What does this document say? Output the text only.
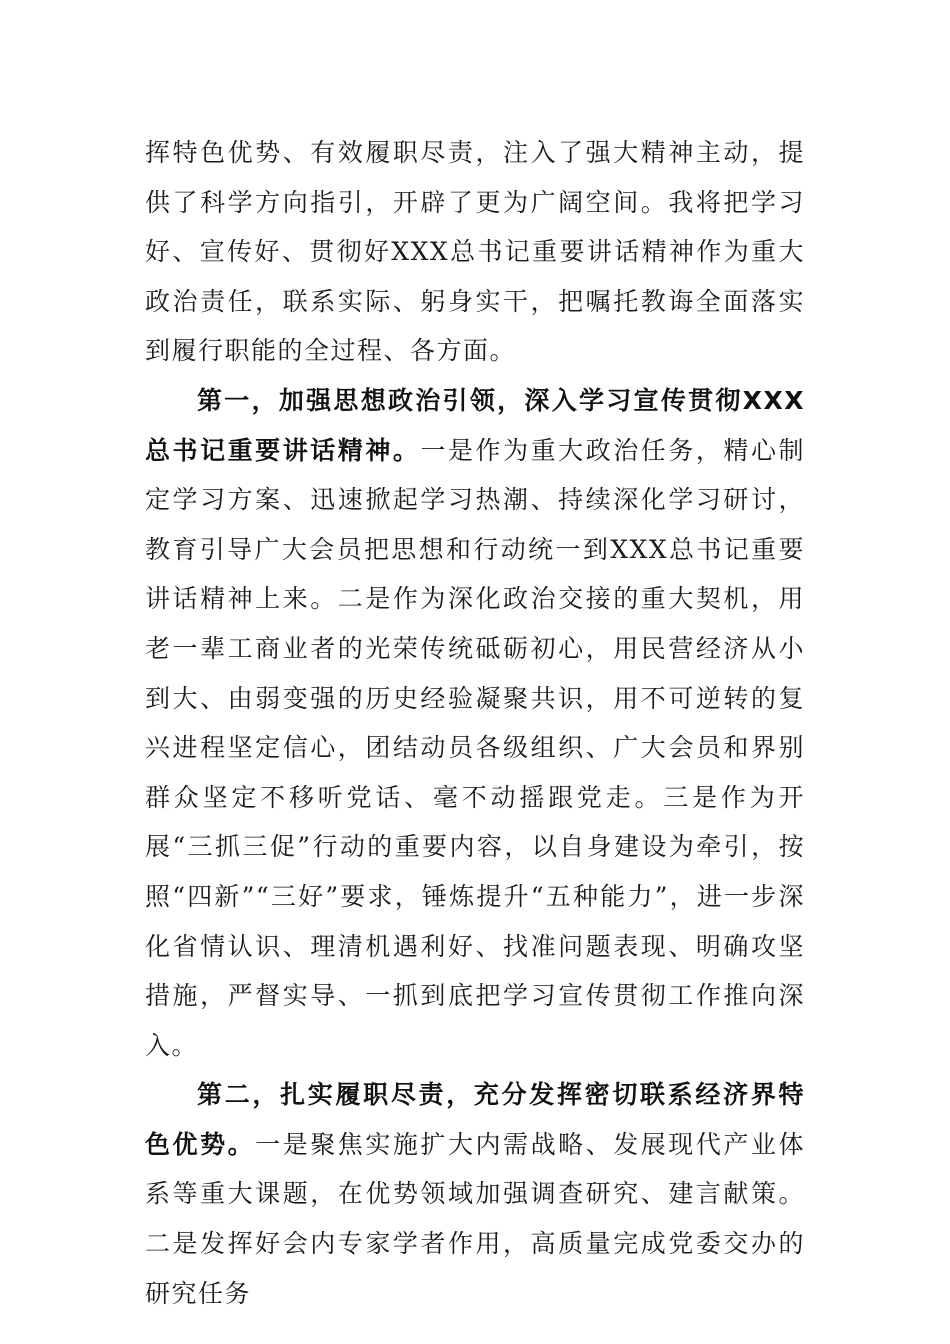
挥特色优势、有效履职尽责，注入了强大精神主动，提供了科学方向指引，开辟了更为广阔空间。我将把学习好、宣传好、贯彻好XXX总书记重要讲话精神作为重大政治责任，联系实际、躬身实干，把嘱托教诲全面落实到履行职能的全过程、各方面。

第一，加强思想政治引领，深入学习宣传贯彻XXX总书记重要讲话精神。一是作为重大政治任务，精心制定学习方案、迅速掀起学习热潮、持续深化学习研讨，教育引导广大会员把思想和行动统一到XXX总书记重要讲话精神上来。二是作为深化政治交接的重大契机，用老一辈工商业者的光荣传统砥砺初心，用民营经济从小到大、由弱变强的历史经验凝聚共识，用不可逆转的复兴进程坚定信心，团结动员各级组织、广大会员和界别群众坚定不移听党话、毫不动摇跟党走。三是作为开展“三抓三促”行动的重要内容，以自身建设为牵引，按照“四新”“三好”要求，锤炼提升“五种能力”，进一步深化省情认识、理清机遇利好、找准问题表现、明确攻坚措施，严督实导、一抓到底把学习宣传贯彻工作推向深入。

第二，扎实履职尽责，充分发挥密切联系经济界特色优势。一是聚焦实施扩大内需战略、发展现代产业体系等重大课题，在优势领域加强调查研究、建言献策。二是发挥好会内专家学者作用，高质量完成党委交办的研究任务
